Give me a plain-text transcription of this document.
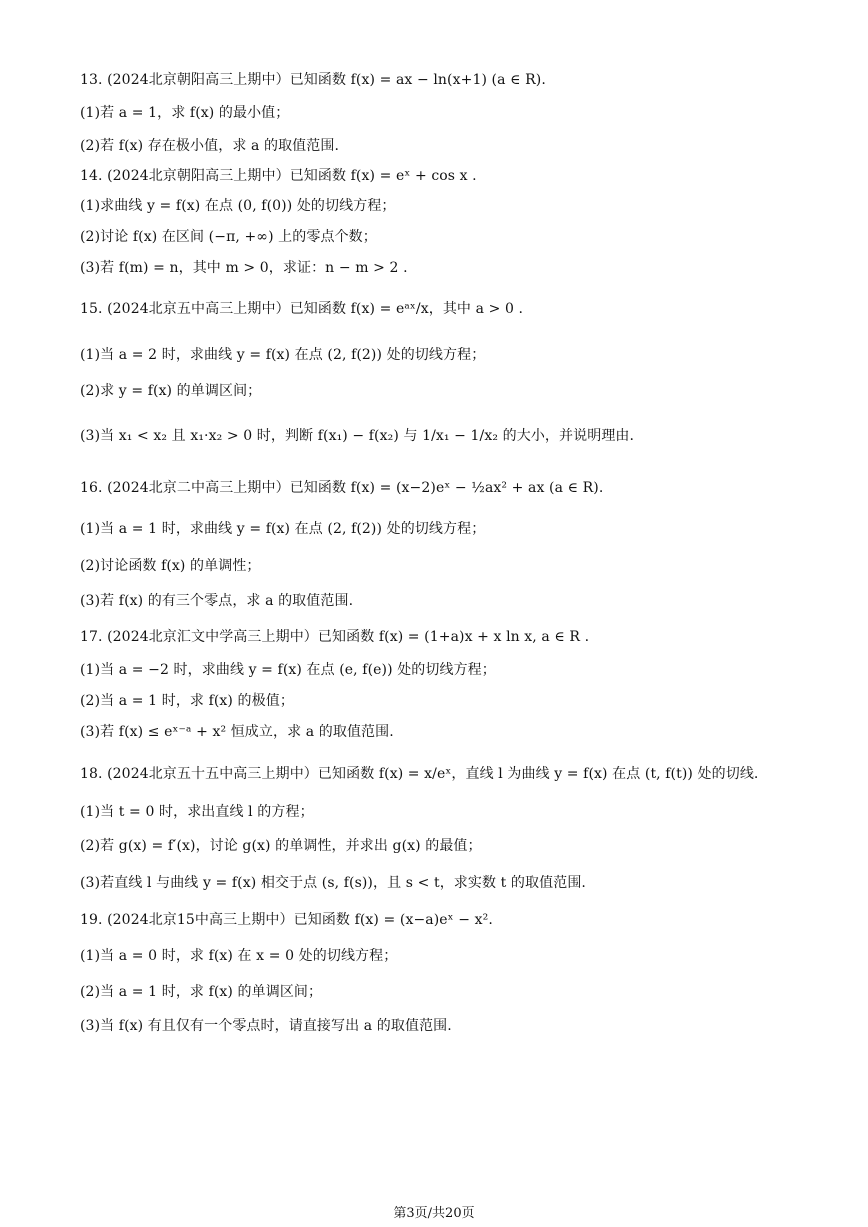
13. (2024北京朝阳高三上期中）已知函数 f(x) = ax − ln(x+1) (a ∈ R).
(1)若 a = 1，求 f(x) 的最小值；
(2)若 f(x) 存在极小值，求 a 的取值范围.
14. (2024北京朝阳高三上期中）已知函数 f(x) = eˣ + cos x .
(1)求曲线 y = f(x) 在点 (0, f(0)) 处的切线方程；
(2)讨论 f(x) 在区间 (−π, +∞) 上的零点个数；
(3)若 f(m) = n，其中 m > 0，求证：n − m > 2 .
15. (2024北京五中高三上期中）已知函数 f(x) = eᵃˣ/x，其中 a > 0 .
(1)当 a = 2 时，求曲线 y = f(x) 在点 (2, f(2)) 处的切线方程；
(2)求 y = f(x) 的单调区间；
(3)当 x₁ < x₂ 且 x₁·x₂ > 0 时，判断 f(x₁) − f(x₂) 与 1/x₁ − 1/x₂ 的大小，并说明理由.
16. (2024北京二中高三上期中）已知函数 f(x) = (x−2)eˣ − ½ax² + ax (a ∈ R).
(1)当 a = 1 时，求曲线 y = f(x) 在点 (2, f(2)) 处的切线方程；
(2)讨论函数 f(x) 的单调性；
(3)若 f(x) 的有三个零点，求 a 的取值范围.
17. (2024北京汇文中学高三上期中）已知函数 f(x) = (1+a)x + x ln x, a ∈ R .
(1)当 a = −2 时，求曲线 y = f(x) 在点 (e, f(e)) 处的切线方程；
(2)当 a = 1 时，求 f(x) 的极值；
(3)若 f(x) ≤ eˣ⁻ᵃ + x² 恒成立，求 a 的取值范围.
18. (2024北京五十五中高三上期中）已知函数 f(x) = x/eˣ，直线 l 为曲线 y = f(x) 在点 (t, f(t)) 处的切线.
(1)当 t = 0 时，求出直线 l 的方程；
(2)若 g(x) = f′(x)，讨论 g(x) 的单调性，并求出 g(x) 的最值；
(3)若直线 l 与曲线 y = f(x) 相交于点 (s, f(s))，且 s < t，求实数 t 的取值范围.
19. (2024北京15中高三上期中）已知函数 f(x) = (x−a)eˣ − x².
(1)当 a = 0 时，求 f(x) 在 x = 0 处的切线方程；
(2)当 a = 1 时，求 f(x) 的单调区间；
(3)当 f(x) 有且仅有一个零点时，请直接写出 a 的取值范围.
第3页/共20页
